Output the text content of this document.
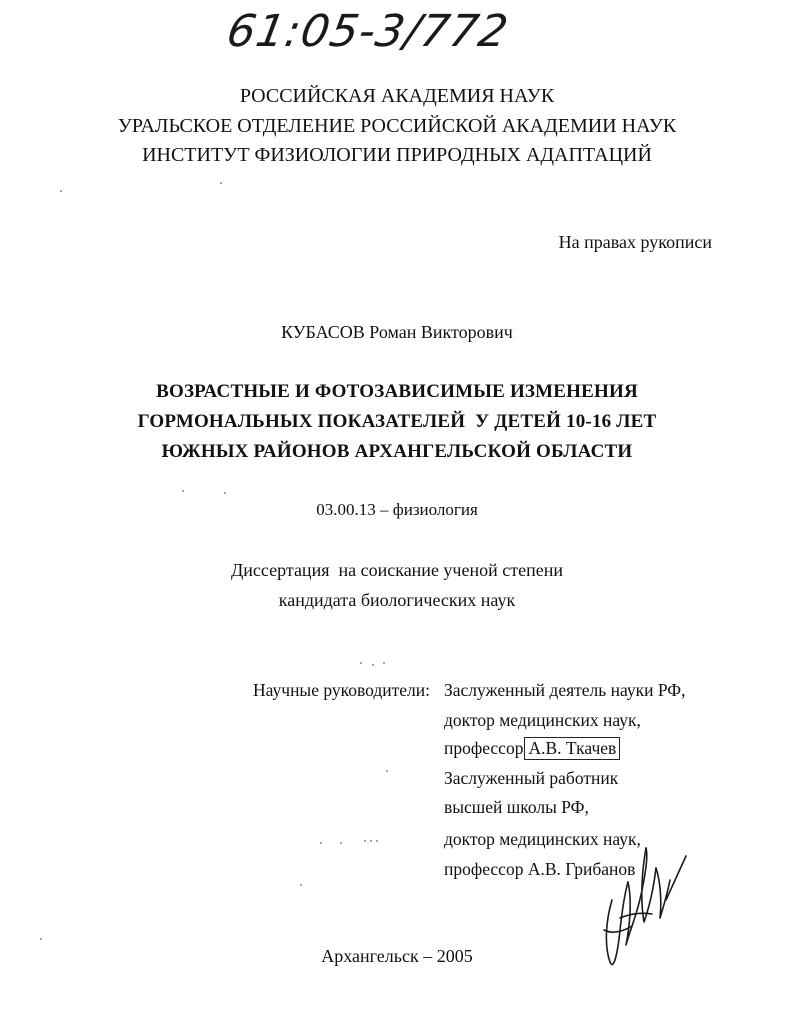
61:05-3/772
РОССИЙСКАЯ АКАДЕМИЯ НАУК
УРАЛЬСКОЕ ОТДЕЛЕНИЕ РОССИЙСКОЙ АКАДЕМИИ НАУК
ИНСТИТУТ ФИЗИОЛОГИИ ПРИРОДНЫХ АДАПТАЦИЙ
На правах рукописи
КУБАСОВ Роман Викторович
ВОЗРАСТНЫЕ И ФОТОЗАВИСИМЫЕ ИЗМЕНЕНИЯ
ГОРМОНАЛЬНЫХ ПОКАЗАТЕЛЕЙ  У ДЕТЕЙ 10-16 ЛЕТ
ЮЖНЫХ РАЙОНОВ АРХАНГЕЛЬСКОЙ ОБЛАСТИ
03.00.13 – физиология
Диссертация  на соискание ученой степени
кандидата биологических наук
Научные руководители: Заслуженный деятель науки РФ,
доктор медицинских наук,
профессор А.В. Ткачев
Заслуженный работник
высшей школы РФ,
доктор медицинских наук,
профессор А.В. Грибанов
Архангельск – 2005
